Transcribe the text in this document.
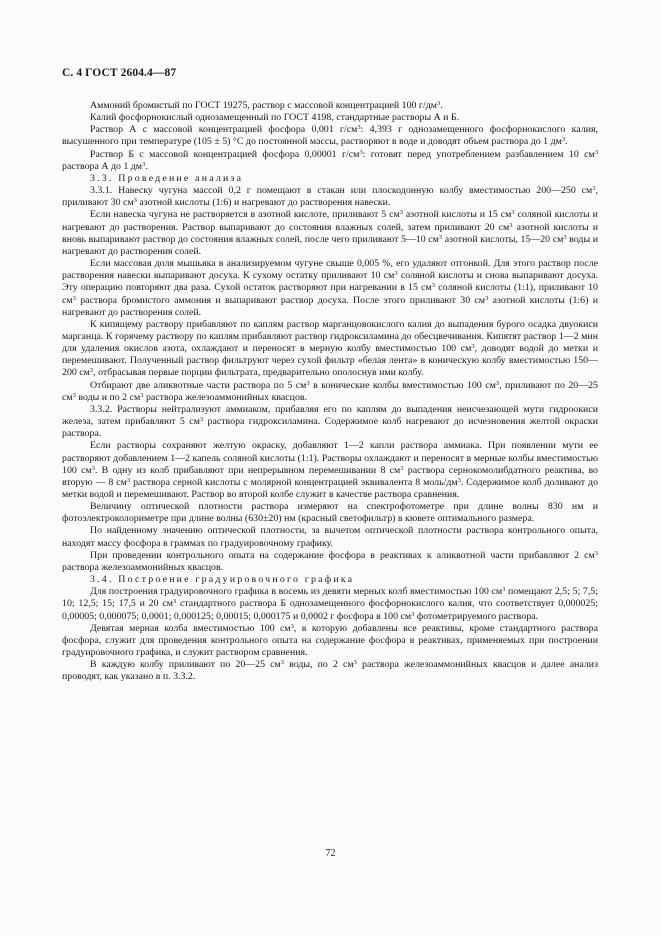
С. 4 ГОСТ 2604.4—87

Аммоний бромистый по ГОСТ 19275, раствор с массовой концентрацией 100 $г/дм^3$.

Калий фосфорнокислый однозамещенный по ГОСТ 4198, стандартные растворы А и Б.

Раствор А с массовой концентрацией фосфора 0,001 $г/см^3$: 4,393 г однозамещенного фосфорнокислого калия, высушенного при температуре (105 ± 5) °С до постоянной массы, растворяют в воде и доводят объем раствора до 1 $дм^3$.

Раствор Б с массовой концентрацией фосфора 0,00001 $г/см^3$: готовят перед употреблением разбавлением 10 $см^3$ раствора А до 1 $дм^3$.

3.3. Проведение анализа

3.3.1. Навеску чугуна массой 0,2 г помещают в стакан или плоскодонную колбу вместимостью 200—250 $см^3$, приливают 30 $см^3$ азотной кислоты (1:6) и нагревают до растворения навески.

Если навеска чугуна не растворяется в азотной кислоте, приливают 5 $см^3$ азотной кислоты и 15 $см^3$ соляной кислоты и нагревают до растворения. Раствор выпаривают до состояния влажных солей, затем приливают 20 $см^3$ азотной кислоты и вновь выпаривают раствор до состояния влажных солей, после чего приливают 5—10 $см^3$ азотной кислоты, 15—20 $см^3$ воды и нагревают до растворения солей.

Если массовая доля мышьяка в анализируемом чугуне свыше 0,005 %, его удаляют отгонкой. Для этого раствор после растворения навески выпаривают досуха. К сухому остатку приливают 10 $см^3$ соляной кислоты и снова выпаривают досуха. Эту операцию повторяют два раза. Сухой остаток растворяют при нагревании в 15 $см^3$ соляной кислоты (1:1), приливают 10 $см^3$ раствора бромистого аммония и выпаривают раствор досуха. После этого приливают 30 $см^3$ азотной кислоты (1:6) и нагревают до растворения солей.

К кипящему раствору прибавляют по каплям раствор марганцовокислого калия до выпадения бурого осадка двуокиси марганца. К горячему раствору по каплям прибавляют раствор гидроксиламина до обесцвечивания. Кипятят раствор 1—2 мин для удаления окислов азота, охлаждают и переносят в мерную колбу вместимостью 100 $см^3$, доводят водой до метки и перемешивают. Полученный раствор фильтруют через сухой фильтр «белая лента» в коническую колбу вместимостью 150—200 $см^3$, отбрасывая первые порции фильтрата, предварительно ополоснув ими колбу.

Отбирают две аликвотные части раствора по 5 $см^3$ в конические колбы вместимостью 100 $см^3$, приливают по 20—25 $см^3$ воды и по 2 $см^3$ раствора железоаммонийных квасцов.

3.3.2. Растворы нейтрализуют аммиаком, прибавляя его по каплям до выпадения неисчезающей мути гидроокиси железа, затем прибавляют 5 $см^3$ раствора гидроксиламина. Содержимое колб нагревают до исчезновения желтой окраски раствора.

Если растворы сохраняют желтую окраску, добавляют 1—2 капли раствора аммиака. При появлении мути ее растворяют добавлением 1—2 капель соляной кислоты (1:1). Растворы охлаждают и переносят в мерные колбы вместимостью 100 $см^3$. В одну из колб прибавляют при непрерывном перемешивании 8 $см^3$ раствора сернокомолибдатного реактива, во вторую — 8 $см^3$ раствора серной кислоты с молярной концентрацией эквивалента 8 моль/$дм^3$. Содержимое колб доливают до метки водой и перемешивают. Раствор во второй колбе служит в качестве раствора сравнения.

Величину оптической плотности раствора измеряют на спектрофотометре при длине волны 830 нм и фотоэлектроколориметре при длине волны (630±20) нм (красный светофильтр) в кювете оптимального размера.

По найденному значению оптической плотности, за вычетом оптической плотности раствора контрольного опыта, находят массу фосфора в граммах по градуировочному графику.

При проведении контрольного опыта на содержание фосфора в реактивах к аликвотной части прибавляют 2 $см^3$ раствора железоаммонийных квасцов.

3.4. Построение градуировочного графика

Для построения градуировочного графика в восемь из девяти мерных колб вместимостью 100 $см^3$ помещают 2,5; 5; 7,5; 10; 12,5; 15; 17,5 и 20 $см^3$ стандартного раствора Б однозамещенного фосфорнокислого калия, что соответствует 0,000025; 0,00005; 0,000075; 0,0001; 0,000125; 0,00015; 0,000175 и 0,0002 г фосфора в 100 $см^3$ фотометрируемого раствора.

Девятая мерная колба вместимостью 100 $см^3$, в которую добавлены все реактивы, кроме стандартного раствора фосфора, служит для проведения контрольного опыта на содержание фосфора в реактивах, применяемых при построении градуировочного графика, и служит раствором сравнения.

В каждую колбу приливают по 20—25 $см^3$ воды, по 2 $см^3$ раствора железоаммонийных квасцов и далее анализ проводят, как указано в п. 3.3.2.

72
